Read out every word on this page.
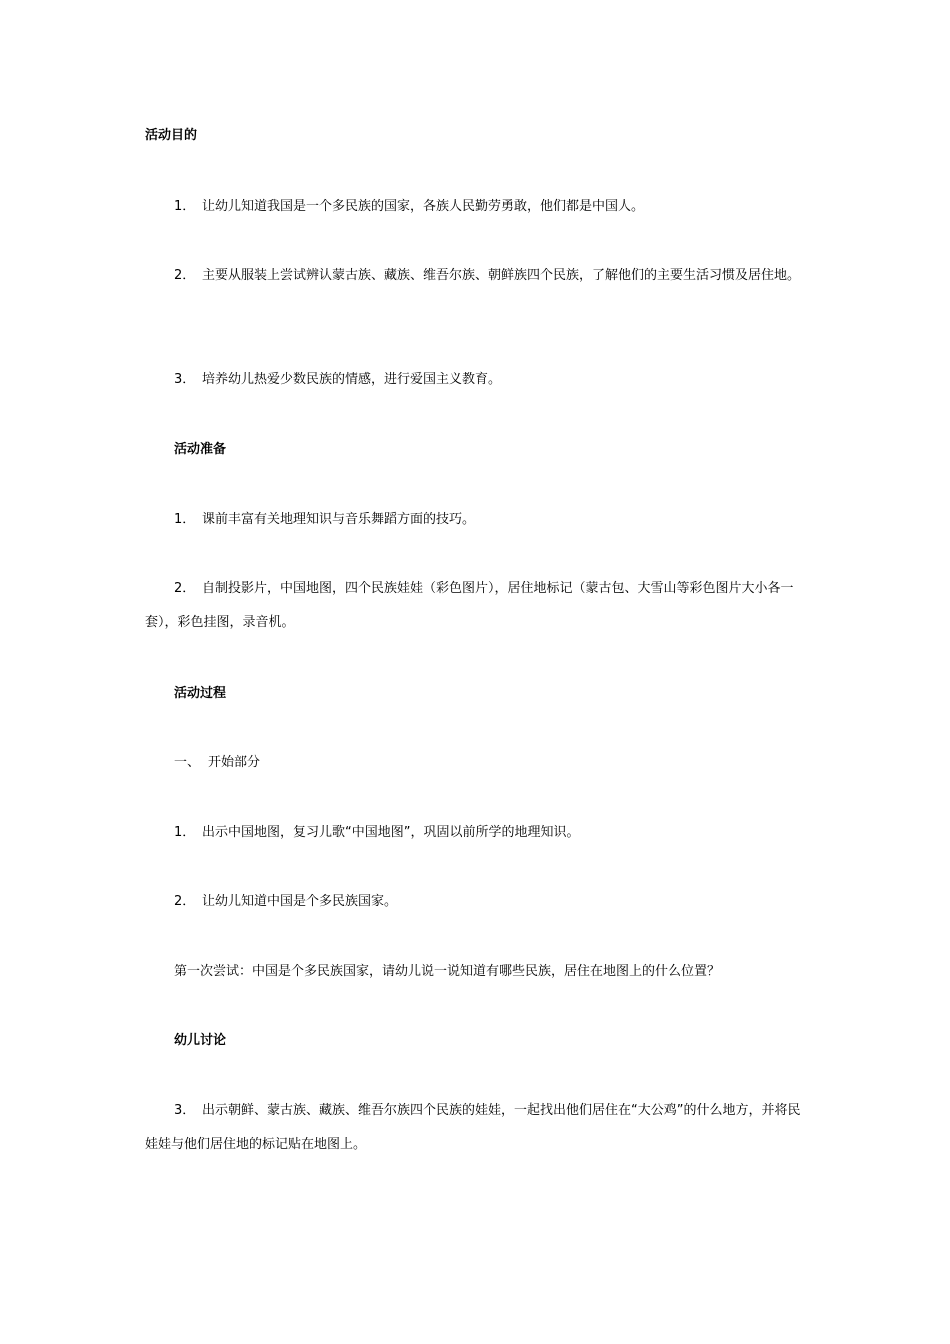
活动目的

1． 让幼儿知道我国是一个多民族的国家，各族人民勤劳勇敢，他们都是中国人。

2． 主要从服装上尝试辨认蒙古族、藏族、维吾尔族、朝鲜族四个民族，了解他们的主要生活习惯及居住地。

3． 培养幼儿热爱少数民族的情感，进行爱国主义教育。

活动准备

1． 课前丰富有关地理知识与音乐舞蹈方面的技巧。

2． 自制投影片，中国地图，四个民族娃娃（彩色图片），居住地标记（蒙古包、大雪山等彩色图片大小各一套），彩色挂图，录音机。

活动过程

一、 开始部分

1． 出示中国地图，复习儿歌“中国地图”，巩固以前所学的地理知识。

2． 让幼儿知道中国是个多民族国家。

第一次尝试：中国是个多民族国家，请幼儿说一说知道有哪些民族，居住在地图上的什么位置？

幼儿讨论

3． 出示朝鲜、蒙古族、藏族、维吾尔族四个民族的娃娃，一起找出他们居住在“大公鸡”的什么地方，并将民娃娃与他们居住地的标记贴在地图上。
